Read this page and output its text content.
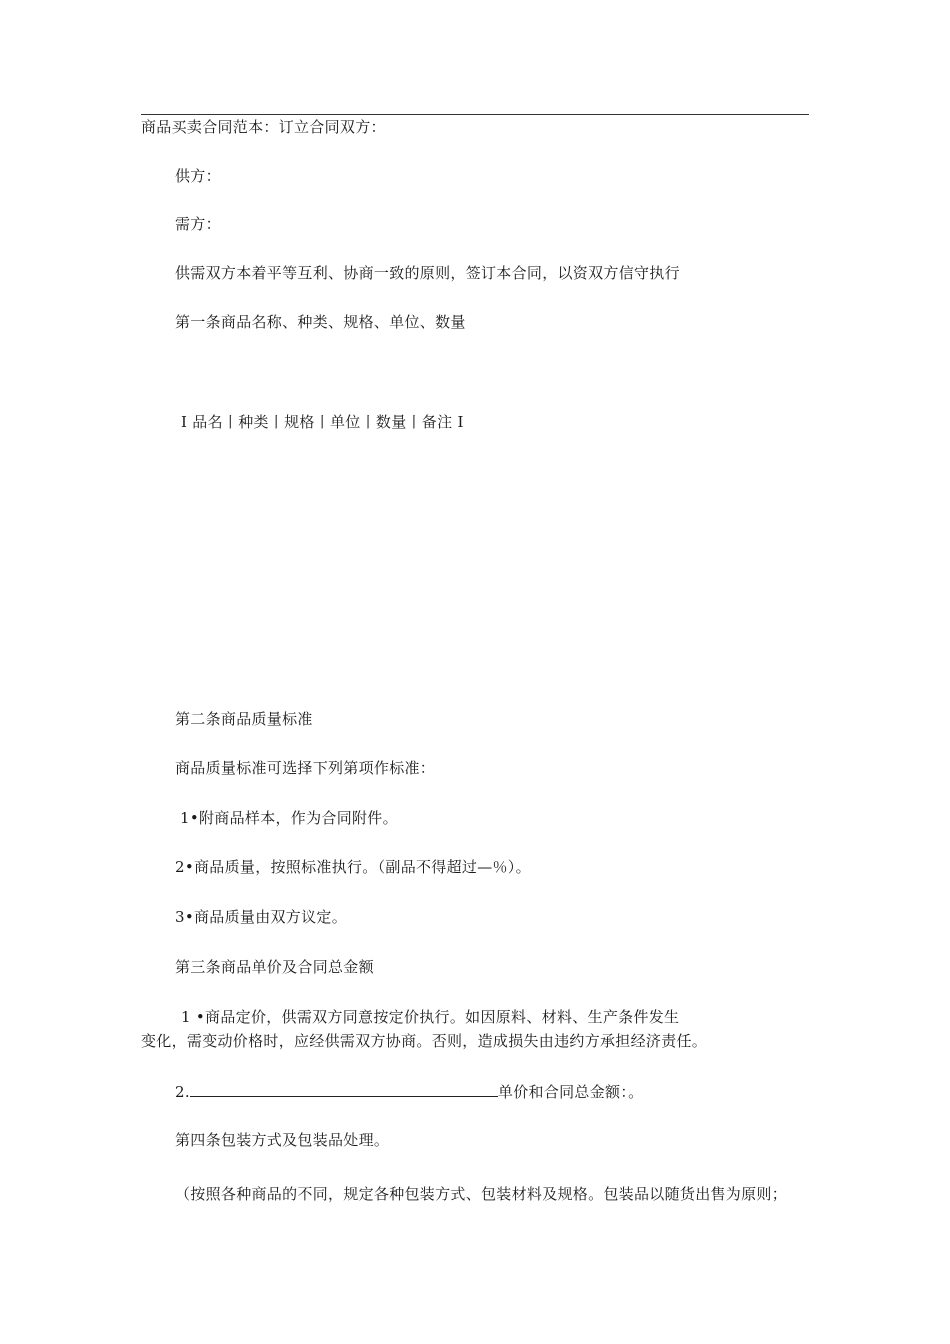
商品买卖合同范本：订立合同双方：
供方：
需方：
供需双方本着平等互利、协商一致的原则，签订本合同，以资双方信守执行
第一条商品名称、种类、规格、单位、数量
I 品名丨种类丨规格丨单位丨数量丨备注 I
第二条商品质量标准
商品质量标准可选择下列第项作标准：
1•附商品样本，作为合同附件。
2•商品质量，按照标准执行。（副品不得超过—％）。
3•商品质量由双方议定。
第三条商品单价及合同总金额
1 •商品定价，供需双方同意按定价执行。如因原料、材料、生产条件发生
变化，需变动价格时，应经供需双方协商。否则，造成损失由违约方承担经济责任。
2.	单价和合同总金额：。
第四条包装方式及包装品处理。
（按照各种商品的不同，规定各种包装方式、包装材料及规格。包装品以随货出售为原则；
